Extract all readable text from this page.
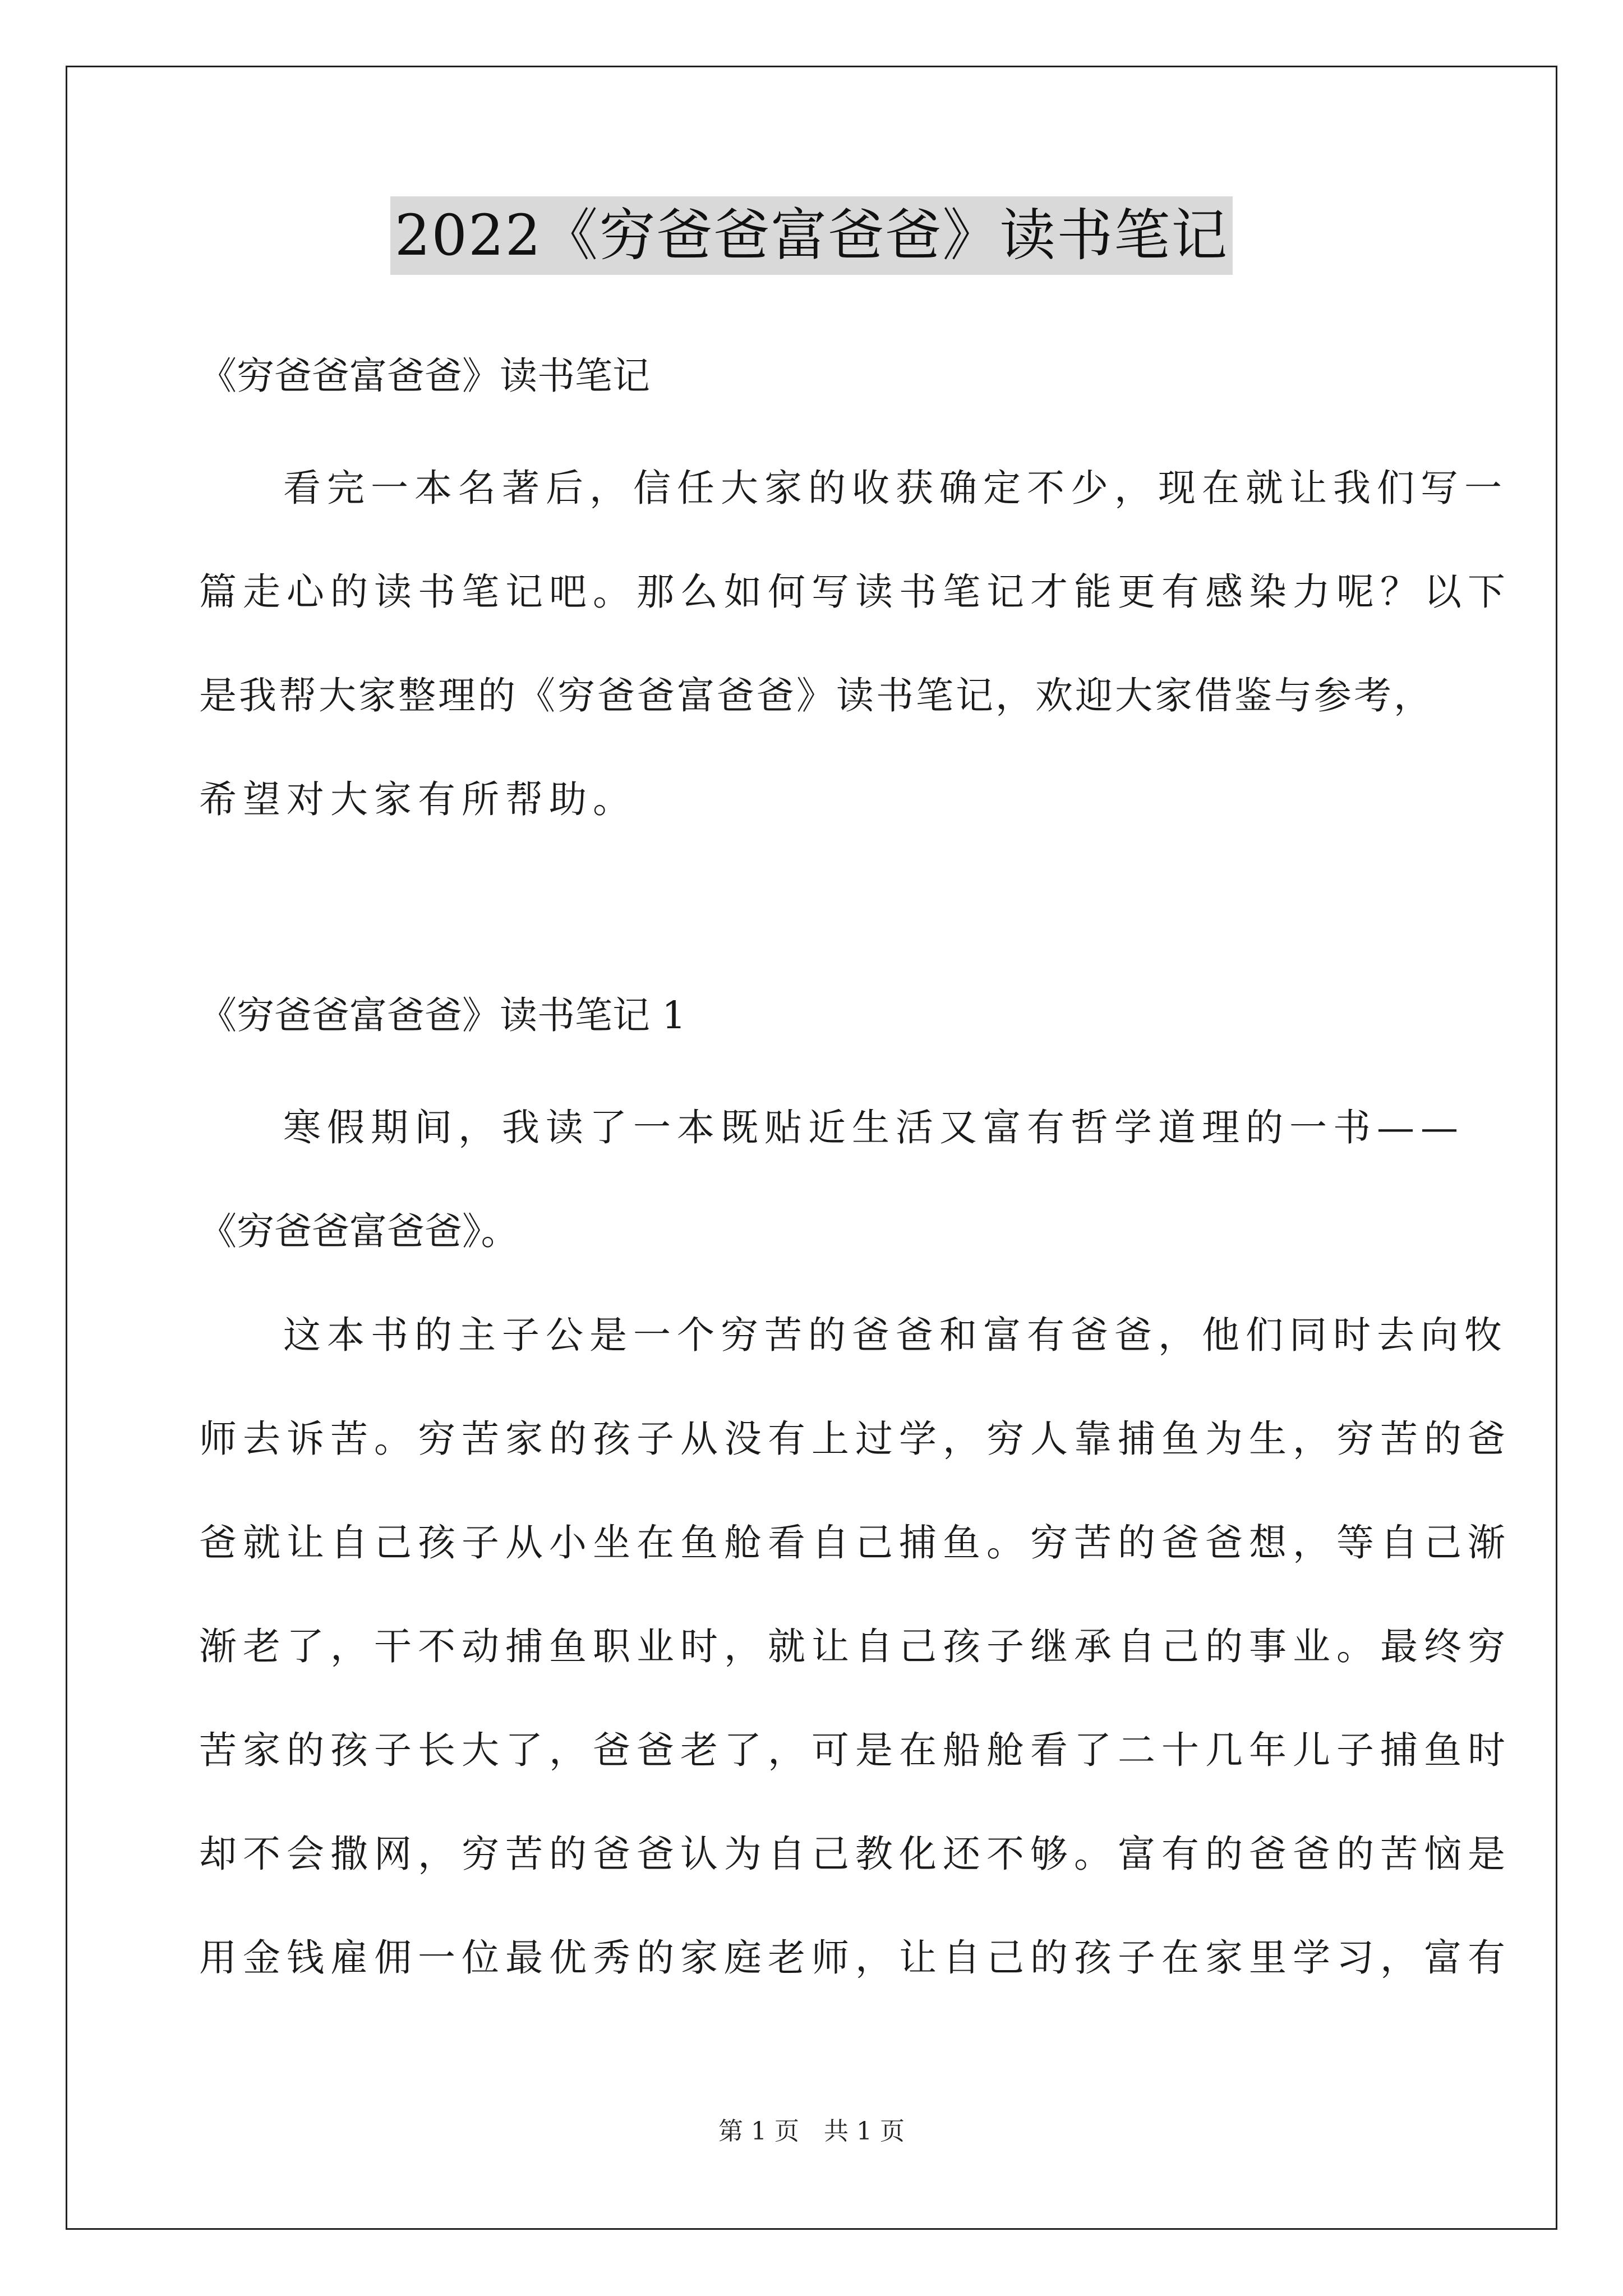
2022《穷爸爸富爸爸》读书笔记
《穷爸爸富爸爸》读书笔记
看完一本名著后，信任大家的收获确定不少，现在就让我们写一
篇走心的读书笔记吧。那么如何写读书笔记才能更有感染力呢？以下
是我帮大家整理的《穷爸爸富爸爸》读书笔记，欢迎大家借鉴与参考，
希望对大家有所帮助。
《穷爸爸富爸爸》读书笔记 1
寒假期间，我读了一本既贴近生活又富有哲学道理的一书——
《穷爸爸富爸爸》。
这本书的主子公是一个穷苦的爸爸和富有爸爸，他们同时去向牧
师去诉苦。穷苦家的孩子从没有上过学，穷人靠捕鱼为生，穷苦的爸
爸就让自己孩子从小坐在鱼舱看自己捕鱼。穷苦的爸爸想，等自己渐
渐老了，干不动捕鱼职业时，就让自己孩子继承自己的事业。最终穷
苦家的孩子长大了，爸爸老了，可是在船舱看了二十几年儿子捕鱼时
却不会撒网，穷苦的爸爸认为自己教化还不够。富有的爸爸的苦恼是
用金钱雇佣一位最优秀的家庭老师，让自己的孩子在家里学习，富有
第 1 页　共 1 页
